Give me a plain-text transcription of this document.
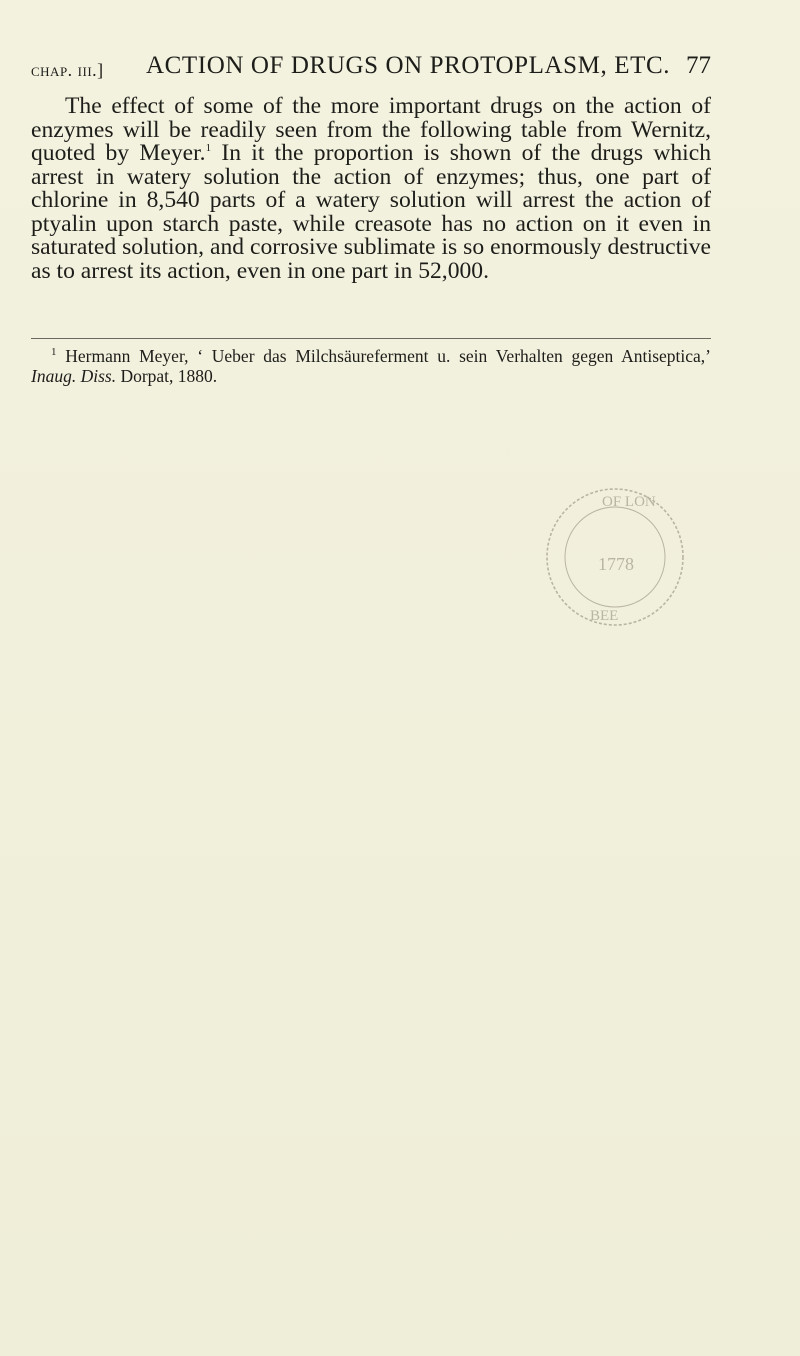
chap. iii.] ACTION OF DRUGS ON PROTOPLASM, ETC. 77

The effect of some of the more important drugs on the action of enzymes will be readily seen from the following table from Wernitz, quoted by Meyer.$^1$ In it the proportion is shown of the drugs which arrest in watery solution the action of enzymes; thus, one part of chlorine in 8,540 parts of a watery solution will arrest the action of ptyalin upon starch paste, while creasote has no action on it even in saturated solution, and corrosive sublimate is so enormously destructive as to arrest its action, even in one part in 52,000.

$^1$ Hermann Meyer, ‘ Ueber das Milchsäureferment u. sein Verhalten gegen Antiseptica,’ Inaug. Diss. Dorpat, 1880.

OF LON
1778
BEE
